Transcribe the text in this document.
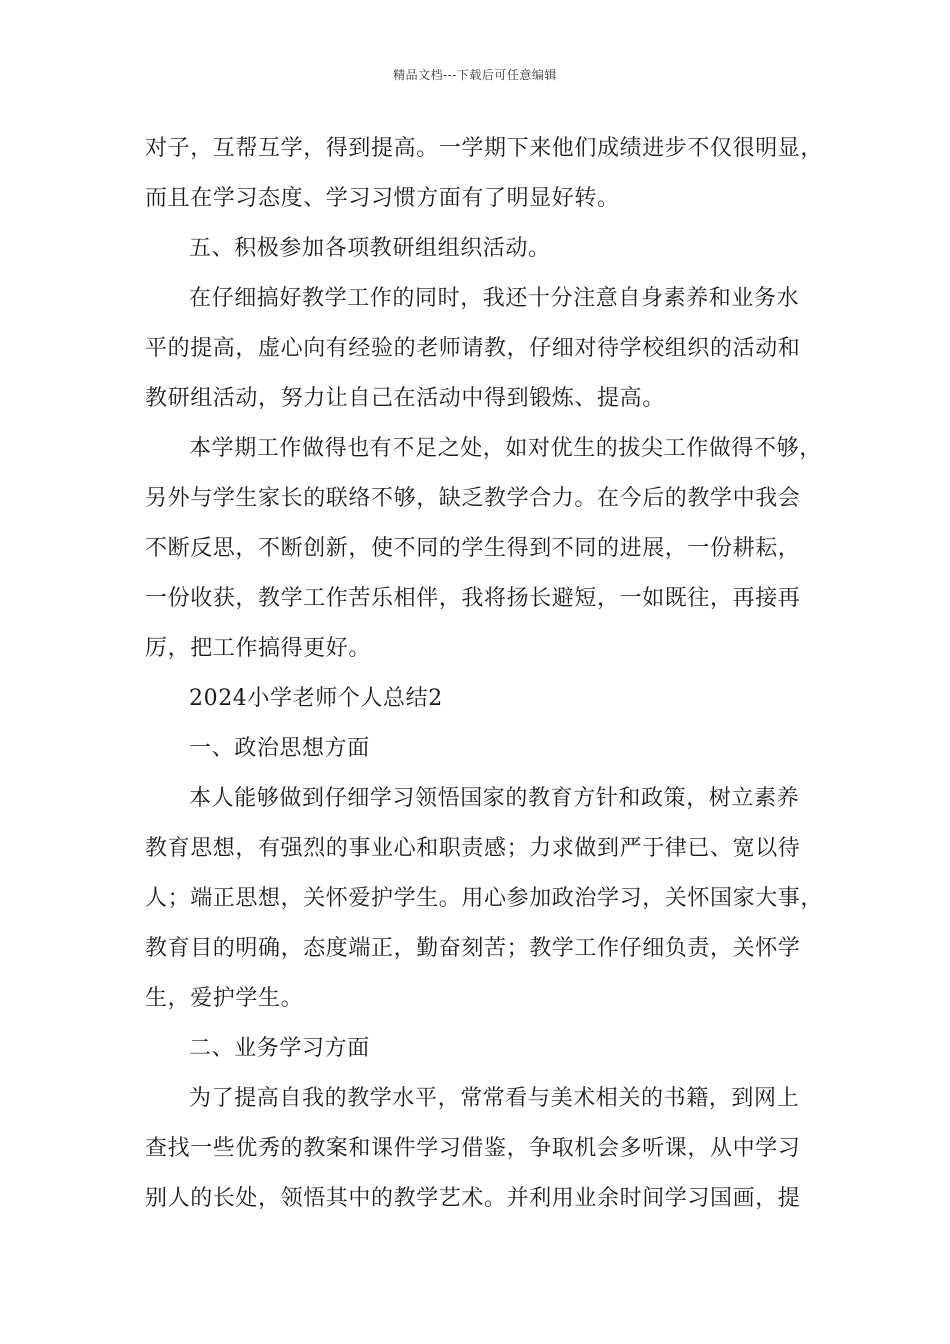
精品文档---下载后可任意编辑
对子，互帮互学，得到提高。一学期下来他们成绩进步不仅很明显，
而且在学习态度、学习习惯方面有了明显好转。
五、积极参加各项教研组组织活动。
在仔细搞好教学工作的同时，我还十分注意自身素养和业务水
平的提高，虚心向有经验的老师请教，仔细对待学校组织的活动和
教研组活动，努力让自己在活动中得到锻炼、提高。
本学期工作做得也有不足之处，如对优生的拔尖工作做得不够，
另外与学生家长的联络不够，缺乏教学合力。在今后的教学中我会
不断反思，不断创新，使不同的学生得到不同的进展，一份耕耘，
一份收获，教学工作苦乐相伴，我将扬长避短，一如既往，再接再
厉，把工作搞得更好。
2024小学老师个人总结2
一、政治思想方面
本人能够做到仔细学习领悟国家的教育方针和政策，树立素养
教育思想，有强烈的事业心和职责感；力求做到严于律已、宽以待
人；端正思想，关怀爱护学生。用心参加政治学习，关怀国家大事，
教育目的明确，态度端正，勤奋刻苦；教学工作仔细负责，关怀学
生，爱护学生。
二、业务学习方面
为了提高自我的教学水平，常常看与美术相关的书籍，到网上
查找一些优秀的教案和课件学习借鉴，争取机会多听课，从中学习
别人的长处，领悟其中的教学艺术。并利用业余时间学习国画，提
